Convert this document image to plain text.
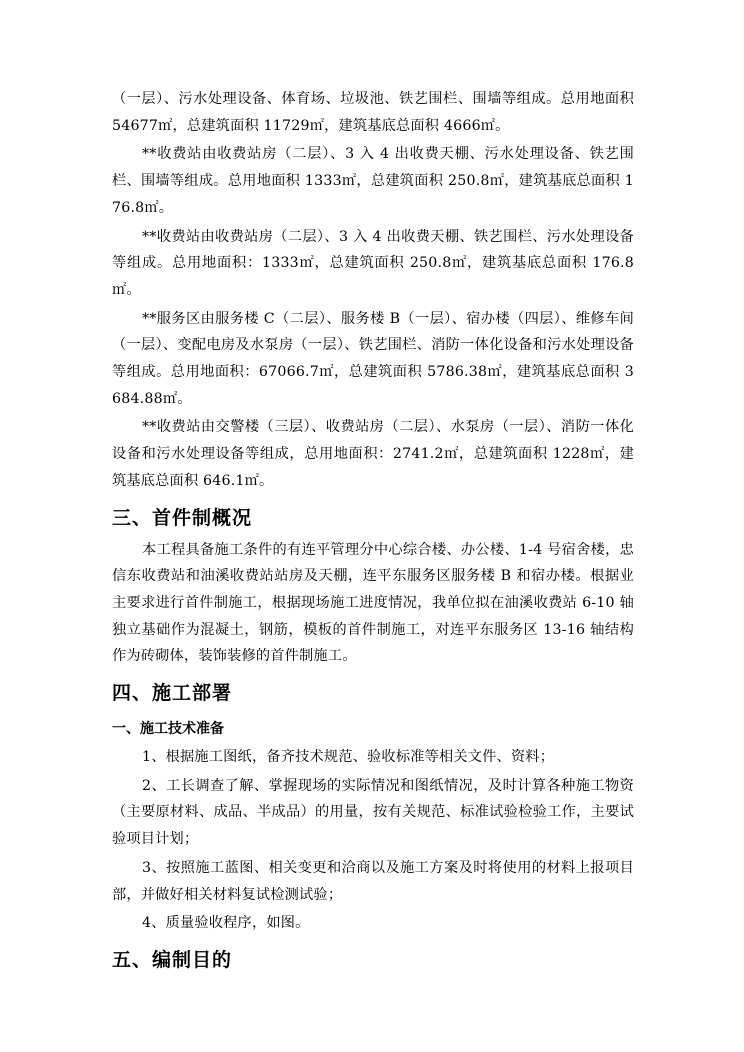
（一层）、污水处理设备、体育场、垃圾池、铁艺围栏、围墙等组成。总用地面积 54677㎡，总建筑面积 11729㎡，建筑基底总面积 4666㎡。

**收费站由收费站房（二层）、3 入 4 出收费天棚、污水处理设备、铁艺围栏、围墙等组成。总用地面积 1333㎡，总建筑面积 250.8㎡，建筑基底总面积 176.8㎡。

**收费站由收费站房（二层）、3 入 4 出收费天棚、铁艺围栏、污水处理设备等组成。总用地面积：1333㎡，总建筑面积 250.8㎡，建筑基底总面积 176.8㎡。

**服务区由服务楼 C（二层）、服务楼 B（一层）、宿办楼（四层）、维修车间（一层）、变配电房及水泵房（一层）、铁艺围栏、消防一体化设备和污水处理设备等组成。总用地面积：67066.7㎡，总建筑面积 5786.38㎡，建筑基底总面积 3684.88㎡。

**收费站由交警楼（三层）、收费站房（二层）、水泵房（一层）、消防一体化设备和污水处理设备等组成，总用地面积：2741.2㎡，总建筑面积 1228㎡，建筑基底总面积 646.1㎡。

三、首件制概况

本工程具备施工条件的有连平管理分中心综合楼、办公楼、1-4 号宿舍楼，忠信东收费站和油溪收费站站房及天棚，连平东服务区服务楼 B 和宿办楼。根据业主要求进行首件制施工，根据现场施工进度情况，我单位拟在油溪收费站 6-10 轴独立基础作为混凝土，钢筋，模板的首件制施工，对连平东服务区 13-16 轴结构作为砖砌体，装饰装修的首件制施工。

四、施工部署
一、施工技术准备

1、根据施工图纸，备齐技术规范、验收标准等相关文件、资料；

2、工长调查了解、掌握现场的实际情况和图纸情况，及时计算各种施工物资（主要原材料、成品、半成品）的用量，按有关规范、标准试验检验工作，主要试验项目计划；

3、按照施工蓝图、相关变更和洽商以及施工方案及时将使用的材料上报项目部，并做好相关材料复试检测试验；

4、质量验收程序，如图。

五、编制目的
